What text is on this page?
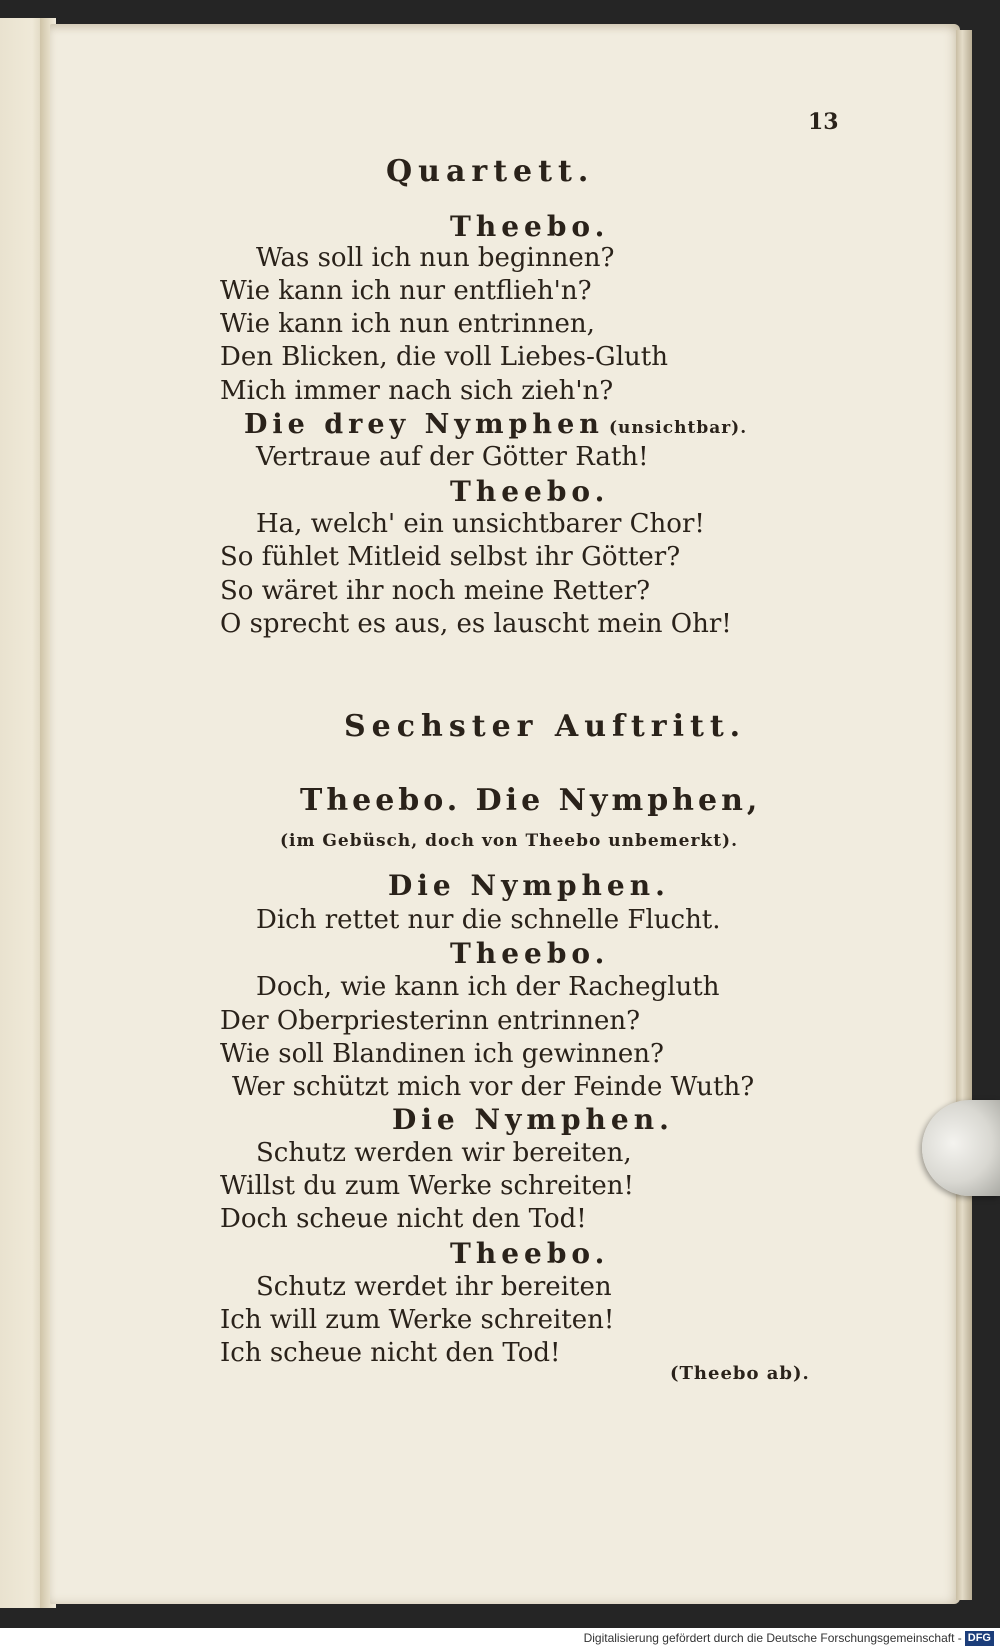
13
Quartett.
Theebo.
Was soll ich nun beginnen?
Wie kann ich nur entflieh'n?
Wie kann ich nun entrinnen,
Den Blicken, die voll Liebes-Gluth
Mich immer nach sich zieh'n?
Die drey Nymphen (unsichtbar).
Vertraue auf der Götter Rath!
Theebo.
Ha, welch' ein unsichtbarer Chor!
So fühlet Mitleid selbst ihr Götter?
So wäret ihr noch meine Retter?
O sprecht es aus, es lauscht mein Ohr!
Sechster Auftritt.
Theebo. Die Nymphen,
(im Gebüsch, doch von Theebo unbemerkt).
Die Nymphen.
Dich rettet nur die schnelle Flucht.
Theebo.
Doch, wie kann ich der Rachegluth
Der Oberpriesterinn entrinnen?
Wie soll Blandinen ich gewinnen?
Wer schützt mich vor der Feinde Wuth?
Die Nymphen.
Schutz werden wir bereiten,
Willst du zum Werke schreiten!
Doch scheue nicht den Tod!
Theebo.
Schutz werdet ihr bereiten
Ich will zum Werke schreiten!
Ich scheue nicht den Tod!
(Theebo ab).
Digitalisierung gefördert durch die Deutsche Forschungsgemeinschaft - DFG
